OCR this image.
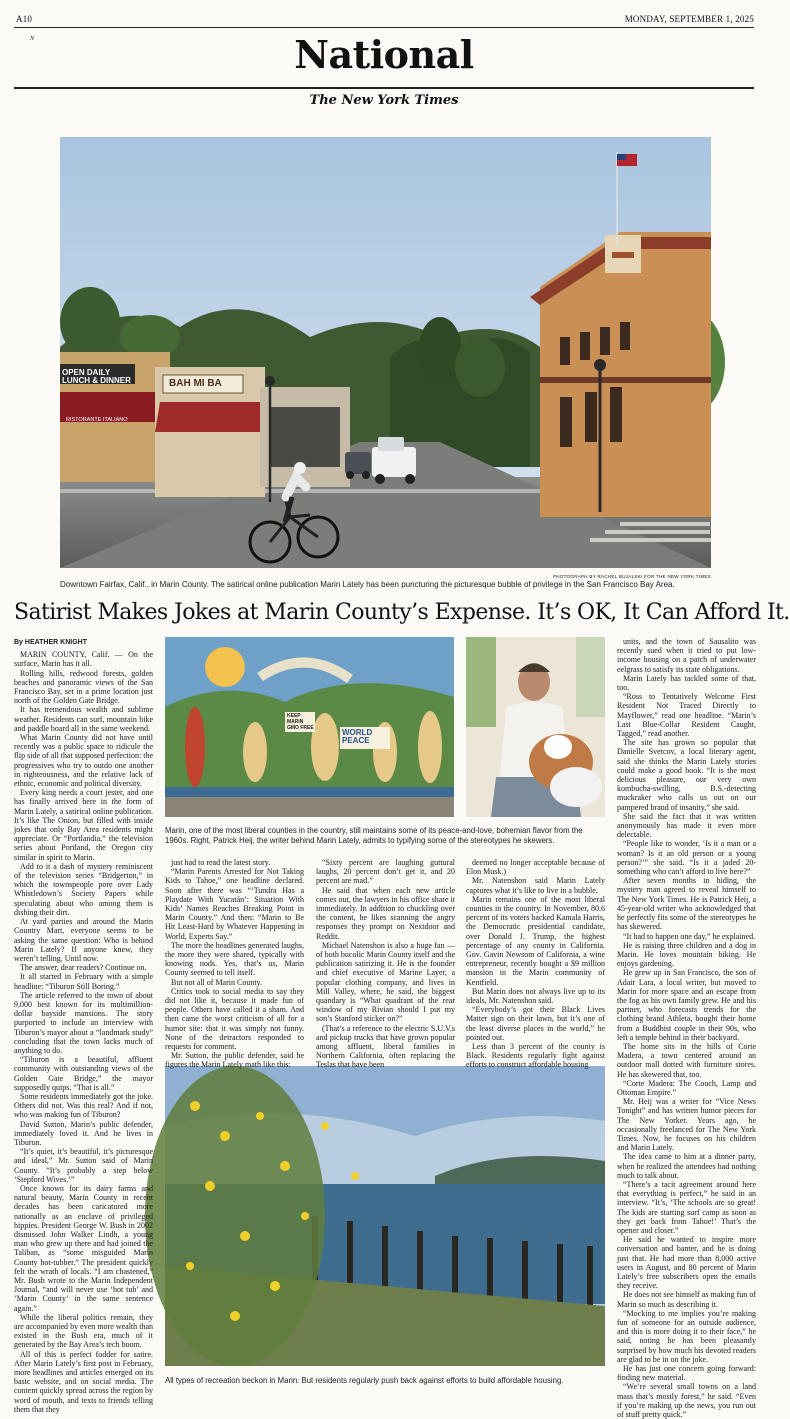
A10	MONDAY, SEPTEMBER 1, 2025
N	National
The New York Times
OPEN DAILY
LUNCH & DINNER	BAH MI BA
RISTORANTE ITALIANO
PHOTOGRAPH BY RACHEL BUJALSKI FOR THE NEW YORK TIMES
Downtown Fairfax, Calif., in Marin County. The satirical online publication Marin Lately has been puncturing the picturesque bubble of privilege in the San Francisco Bay Area.
Satirist Makes Jokes at Marin County’s Expense. It’s OK, It Can Afford It.
KEEP MARIN GMO FREE	WORLD PEACE
Marin, one of the most liberal counties in the country, still maintains some of its peace-and-love, bohemian flavor from the 1960s. Right, Patrick Heij, the writer behind Marin Lately, admits to typifying some of the stereotypes he skewers.
All types of recreation beckon in Marin. But residents regularly push back against efforts to build affordable housing.

By HEATHER KNIGHT

MARIN COUNTY, Calif. — On the surface, Marin has it all.

Rolling hills, redwood forests, golden beaches and panoramic views of the San Francisco Bay, set in a prime location just north of the Golden Gate Bridge.

It has tremendous wealth and sublime weather. Residents can surf, mountain bike and paddle board all in the same weekend.

What Marin County did not have until recently was a public space to ridicule the flip side of all that supposed perfection: the progressives who try to outdo one another in righteousness, and the relative lack of ethnic, economic and political diversity.

Every king needs a court jester, and one has finally arrived here in the form of Marin Lately, a satirical online publication. It’s like The Onion, but filled with inside jokes that only Bay Area residents might appreciate. Or “Portlandia,” the television series about Portland, the Oregon city similar in spirit to Marin.

Add to it a dash of mystery reminiscent of the television series “Bridgerton,” in which the townspeople pore over Lady Whistledown’s Society Papers while speculating about who among them is dishing their dirt.

At yard parties and around the Marin Country Mart, everyone seems to be asking the same question: Who is behind Marin Lately? If anyone knew, they weren’t telling. Until now.

The answer, dear readers? Continue on.

It all started in February with a simple headline: “Tiburon Still Boring.”

The article referred to the town of about 9,000 best known for its multimillion-dollar bayside mansions. The story purported to include an interview with Tiburon’s mayor about a “landmark study” concluding that the town lacks much of anything to do.

“Tiburon is a beautiful, affluent community with outstanding views of the Golden Gate Bridge,” the mayor supposedly quips. “That is all.”

Some residents immediately got the joke. Others did not. Was this real? And if not, who was making fun of Tiburon?

David Sutton, Marin’s public defender, immediately loved it. And he lives in Tiburon.

“It’s quiet, it’s beautiful, it’s picturesque and ideal,” Mr. Sutton said of Marin County. “It’s probably a step below ‘Stepford Wives.’”

Once known for its dairy farms and natural beauty, Marin County in recent decades has been caricatured more nationally as an enclave of privileged hippies. President George W. Bush in 2002 dismissed John Walker Lindh, a young man who grew up there and had joined the Taliban, as “some misguided Marin County hot-tubber.” The president quickly felt the wrath of locals. “I am chastened,” Mr. Bush wrote to the Marin Independent Journal, “and will never use ‘hot tub’ and ‘Marin County’ in the same sentence again.”

While the liberal politics remain, they are accompanied by even more wealth than existed in the Bush era, much of it generated by the Bay Area’s tech boom.

All of this is perfect fodder for satire. After Marin Lately’s first post in February, more headlines and articles emerged on its basic website, and on social media. The content quickly spread across the region by word of mouth, and texts to friends telling them that they

just had to read the latest story.

“Marin Parents Arrested for Not Taking Kids to Tahoe,” one headline declared. Soon after there was “‘Tundra Has a Playdate With Yucatán’: Situation With Kids’ Names Reaches Breaking Point in Marin County.” And then: “Marin to Be Hit Least-Hard by Whatever Happening in World, Experts Say.”

The more the headlines generated laughs, the more they were shared, typically with knowing nods. Yes, that’s us, Marin County seemed to tell itself.

But not all of Marin County.

Critics took to social media to say they did not like it, because it made fun of people. Others have called it a sham. And then came the worst criticism of all for a humor site: that it was simply not funny. None of the detractors responded to requests for comment.

Mr. Sutton, the public defender, said he figures the Marin Lately math like this:

“Sixty percent are laughing guttural laughs, 20 percent don’t get it, and 20 percent are mad.”

He said that when each new article comes out, the lawyers in his office share it immediately. In addition to chuckling over the content, he likes scanning the angry responses they prompt on Nextdoor and Reddit.

Michael Natenshon is also a huge fan — of both bucolic Marin County itself and the publication satirizing it. He is the founder and chief executive of Marine Layer, a popular clothing company, and lives in Mill Valley, where, he said, the biggest quandary is “What quadrant of the rear window of my Rivian should I put my son’s Stanford sticker on?”

(That’s a reference to the electric S.U.V.s and pickup trucks that have grown popular among affluent, liberal families in Northern California, often replacing the Teslas that have been

deemed no longer acceptable because of Elon Musk.)

Mr. Natenshon said Marin Lately captures what it’s like to live in a bubble.

Marin remains one of the most liberal counties in the country. In November, 80.6 percent of its voters backed Kamala Harris, the Democratic presidential candidate, over Donald J. Trump, the highest percentage of any county in California. Gov. Gavin Newsom of California, a wine entrepreneur, recently bought a $9 million mansion in the Marin community of Kentfield.

But Marin does not always live up to its ideals, Mr. Natenshon said.

“Everybody’s got their Black Lives Matter sign on their lawn, but it’s one of the least diverse places in the world,” he pointed out.

Less than 3 percent of the county is Black. Residents regularly fight against efforts to construct affordable housing

units, and the town of Sausalito was recently sued when it tried to put low-income housing on a patch of underwater eelgrass to satisfy its state obligations.

Marin Lately has tackled some of that, too.

“Ross to Tentatively Welcome First Resident Not Traced Directly to Mayflower,” read one headline. “Marin’s Last Blue-Collar Resident Caught, Tagged,” read another.

The site has grown so popular that Danielle Svetcov, a local literary agent, said she thinks the Marin Lately stories could make a good book. “It is the most delicious pleasure, our very own kombucha-swilling, B.S.-detecting muckraker who calls us out on our pampered brand of insanity,” she said.

She said the fact that it was written anonymously has made it even more delectable.

“People like to wonder, ‘Is it a man or a woman? Is it an old person or a young person?’” she said. “Is it a jaded 20-something who can’t afford to live here?”

After seven months in hiding, the mystery man agreed to reveal himself to The New York Times. He is Patrick Heij, a 45-year-old writer who acknowledged that he perfectly fits some of the stereotypes he has skewered.

“It had to happen one day,” he explained.

He is raising three children and a dog in Marin. He loves mountain biking. He enjoys gardening.

He grew up in San Francisco, the son of Adair Lara, a local writer, but moved to Marin for more space and an escape from the fog as his own family grew. He and his partner, who forecasts trends for the clothing brand Athleta, bought their home from a Buddhist couple in their 90s, who left a temple behind in their backyard.

The home sits in the hills of Corte Madera, a town centered around an outdoor mall dotted with furniture stores. He has skewered that, too.

“Corte Madera: The Couch, Lamp and Ottoman Empire.”

Mr. Heij was a writer for “Vice News Tonight” and has written humor pieces for The New Yorker. Years ago, he occasionally freelanced for The New York Times. Now, he focuses on his children and Marin Lately.

The idea came to him at a dinner party, when he realized the attendees had nothing much to talk about.

“There’s a tacit agreement around here that everything is perfect,” he said in an interview. “It’s, ‘The schools are so great! The kids are starting surf camp as soon as they get back from Tahoe!’ That’s the opener and closer.”

He said he wanted to inspire more conversation and banter, and he is doing just that. He had more than 8,000 active users in August, and 80 percent of Marin Lately’s free subscribers open the emails they receive.

He does not see himself as making fun of Marin so much as describing it.

“Mocking to me implies you’re making fun of someone for an outside audience, and this is more doing it to their face,” he said, noting he has been pleasantly surprised by how much his devoted readers are glad to be in on the joke.

He has just one concern going forward: finding new material.

“We’re several small towns on a land mass that’s mostly forest,” he said. “Even if you’re making up the news, you run out of stuff pretty quick.”
